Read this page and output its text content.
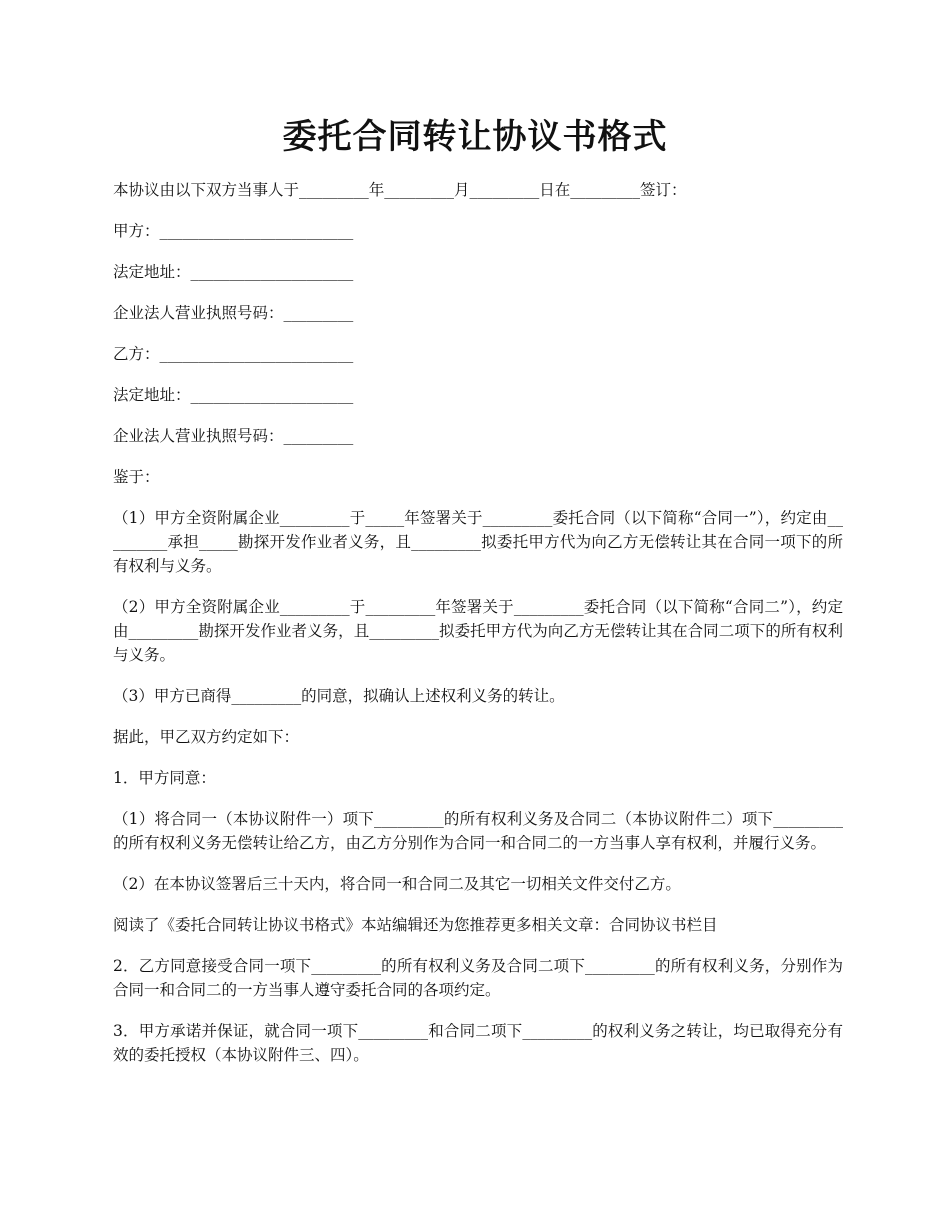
委托合同转让协议书格式

本协议由以下双方当事人于_________年_________月_________日在_________签订：

甲方：_________________________

法定地址：_____________________

企业法人营业执照号码：_________

乙方：_________________________

法定地址：_____________________

企业法人营业执照号码：_________

鉴于：

（1）甲方全资附属企业_________于_____年签署关于_________委托合同（以下简称“合同一”），约定由_________承担_____勘探开发作业者义务，且_________拟委托甲方代为向乙方无偿转让其在合同一项下的所有权利与义务。

（2）甲方全资附属企业_________于_________年签署关于_________委托合同（以下简称“合同二”），约定由_________勘探开发作业者义务，且_________拟委托甲方代为向乙方无偿转让其在合同二项下的所有权利与义务。

（3）甲方已商得_________的同意，拟确认上述权利义务的转让。

据此，甲乙双方约定如下：

1．甲方同意：

（1）将合同一（本协议附件一）项下_________的所有权利义务及合同二（本协议附件二）项下_________的所有权利义务无偿转让给乙方，由乙方分别作为合同一和合同二的一方当事人享有权利，并履行义务。

（2）在本协议签署后三十天内，将合同一和合同二及其它一切相关文件交付乙方。

阅读了《委托合同转让协议书格式》本站编辑还为您推荐更多相关文章：合同协议书栏目

2．乙方同意接受合同一项下_________的所有权利义务及合同二项下_________的所有权利义务，分别作为合同一和合同二的一方当事人遵守委托合同的各项约定。

3．甲方承诺并保证，就合同一项下_________和合同二项下_________的权利义务之转让，均已取得充分有效的委托授权（本协议附件三、四）。
